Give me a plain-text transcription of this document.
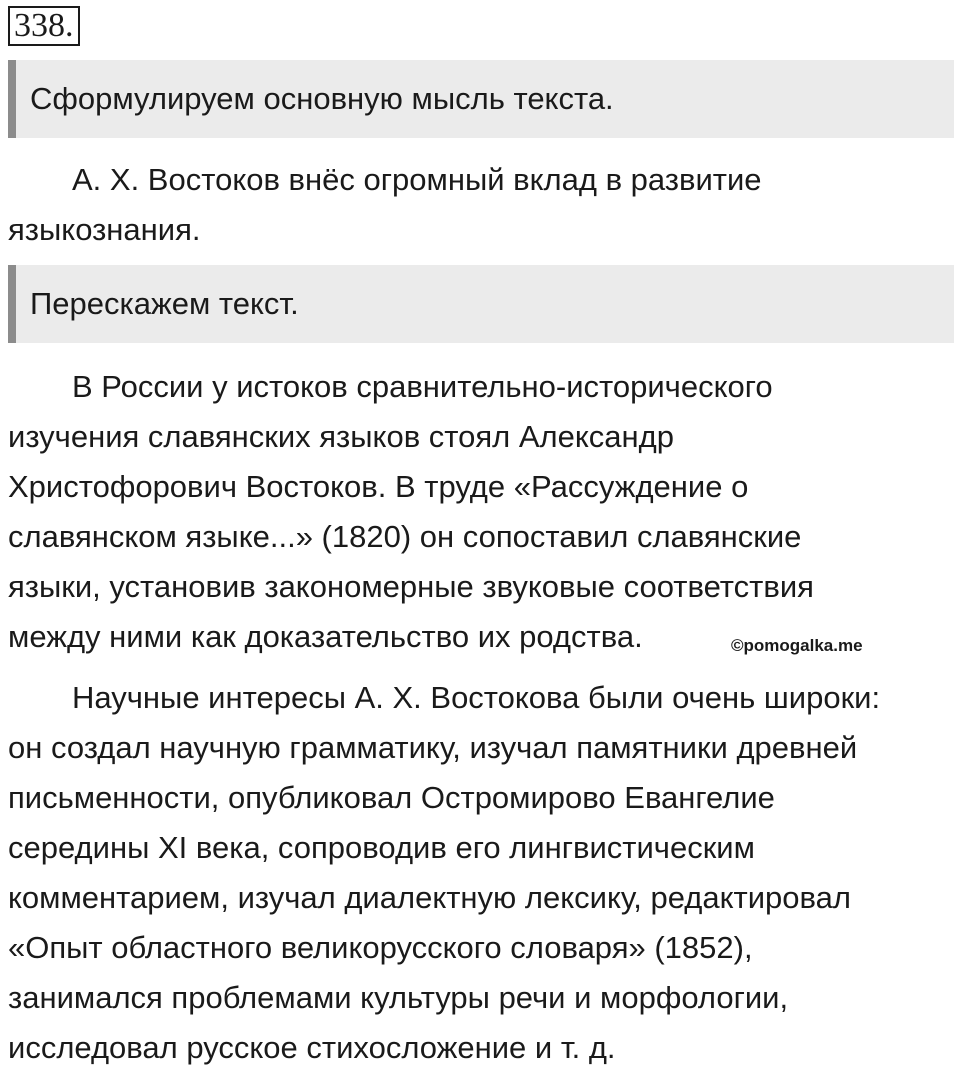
338.
Сформулируем основную мысль текста.

А. Х. Востоков внёс огромный вклад в развитие
языкознания.

Перескажем текст.

В России у истоков сравнительно-исторического
изучения славянских языков стоял Александр
Христофорович Востоков. В труде «Рассуждение о
славянском языке...» (1820) он сопоставил славянские
языки, установив закономерные звуковые соответствия
между ними как доказательство их родства.	©pomogalka.me

Научные интересы А. Х. Востокова были очень широки:
он создал научную грамматику, изучал памятники древней
письменности, опубликовал Остромирово Евангелие
середины XI века, сопроводив его лингвистическим
комментарием, изучал диалектную лексику, редактировал
«Опыт областного великорусского словаря» (1852),
занимался проблемами культуры речи и морфологии,
исследовал русское стихосложение и т. д.
